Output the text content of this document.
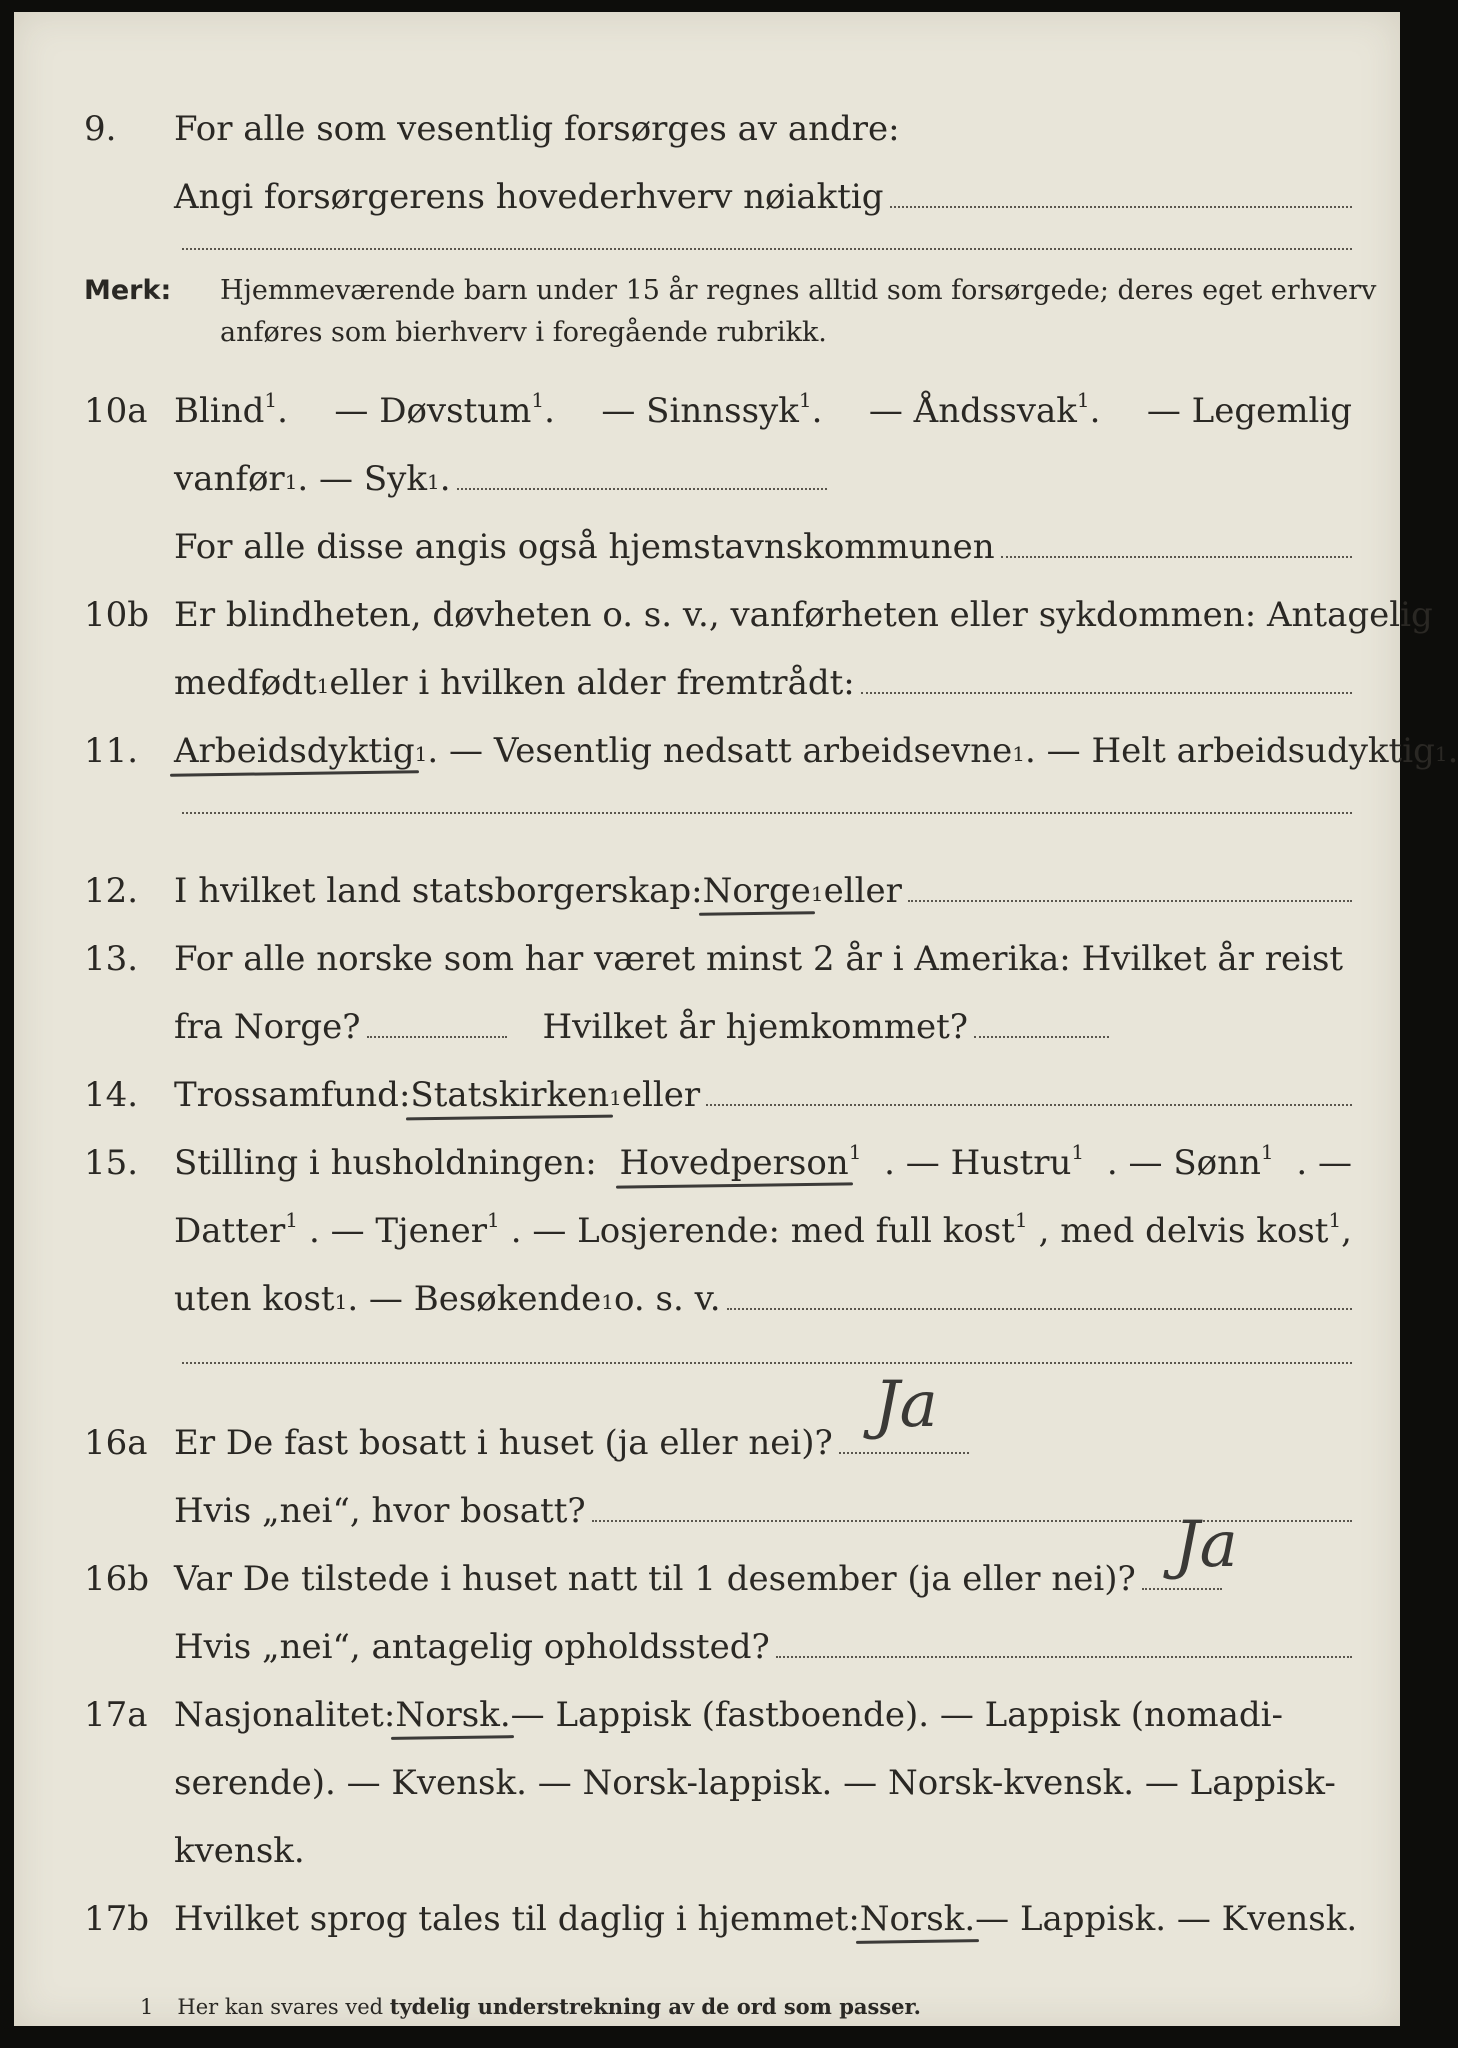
9. For alle som vesentlig forsørges av andre:
Angi forsørgerens hovederhverv nøiaktig
Merk: Hjemmeværende barn under 15 år regnes alltid som forsørgede; deres eget erhverv
anføres som bierhverv i foregående rubrikk.
10a Blind$^1$. — Døvstum$^1$. — Sinnssyk$^1$. — Åndssvak$^1$. — Legemlig
vanfør$^1$ . — Syk$^1$ .
For alle disse angis også hjemstavnskommunen
10b Er blindheten, døvheten o. s. v., vanførheten eller sykdommen: Antagelig
medfødt$^1$ eller i hvilken alder fremtrådt:
11. Arbeidsdyktig$^1$ . — Vesentlig nedsatt arbeidsevne$^1$ . — Helt arbeidsudyktig$^1$ .
12. I hvilket land statsborgerskap: Norge$^1$ eller
13. For alle norske som har været minst 2 år i Amerika: Hvilket år reist
fra Norge?	Hvilket år hjemkommet?
14. Trossamfund: Statskirken$^1$ eller
15. Stilling i husholdningen: Hovedperson$^1$ . — Hustru$^1$ . — Sønn$^1$ . —
Datter$^1$ . — Tjener$^1$ . — Losjerende: med full kost$^1$ , med delvis kost$^1$,
uten kost$^1$ . — Besøkende$^1$ o. s. v.
16a Er De fast bosatt i huset (ja eller nei)?
Ja
Hvis „nei“, hvor bosatt?
16b Var De tilstede i huset natt til 1 desember (ja eller nei)? Ja
Hvis „nei“, antagelig opholdssted?
17a Nasjonalitet: Norsk. — Lappisk (fastboende). — Lappisk (nomadi-
serende). — Kvensk. — Norsk-lappisk. — Norsk-kvensk. — Lappisk-
kvensk.
17b Hvilket sprog tales til daglig i hjemmet: Norsk. — Lappisk. — Kvensk.
1 Her kan svares ved tydelig understrekning av de ord som passer.
